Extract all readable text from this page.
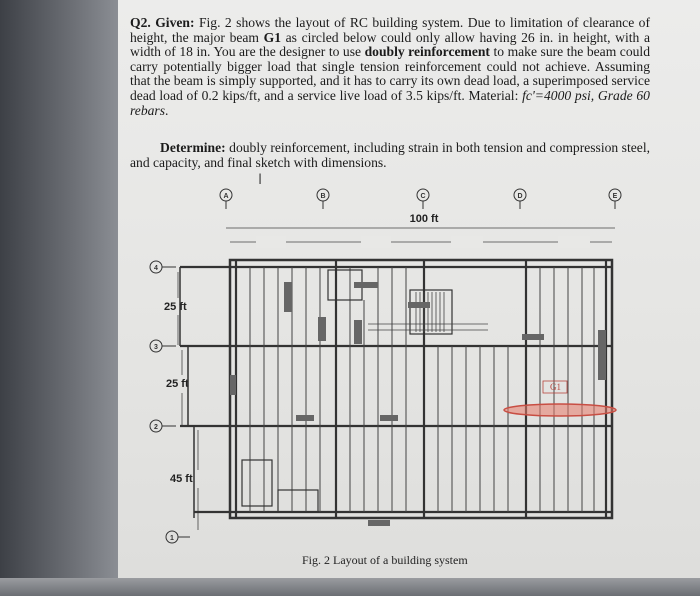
Q2. Given: Fig. 2 shows the layout of RC building system. Due to limitation of clearance of height, the major beam G1 as circled below could only allow having 26 in. in height, with a width of 18 in. You are the designer to use doubly reinforcement to make sure the beam could carry potentially bigger load that single tension reinforcement could not achieve. Assuming that the beam is simply supported, and it has to carry its own dead load, a superimposed service dead load of 0.2 kips/ft, and a service live load of 3.5 kips/ft. Material: fc'=4000 psi, Grade 60 rebars.

Determine: doubly reinforcement, including strain in both tension and compression steel, and capacity, and final sketch with dimensions.

I
A	B	C	D	E
100 ft
4
3
2
1
25 ft
25 ft
45 ft
G1

Fig. 2 Layout of a building system
